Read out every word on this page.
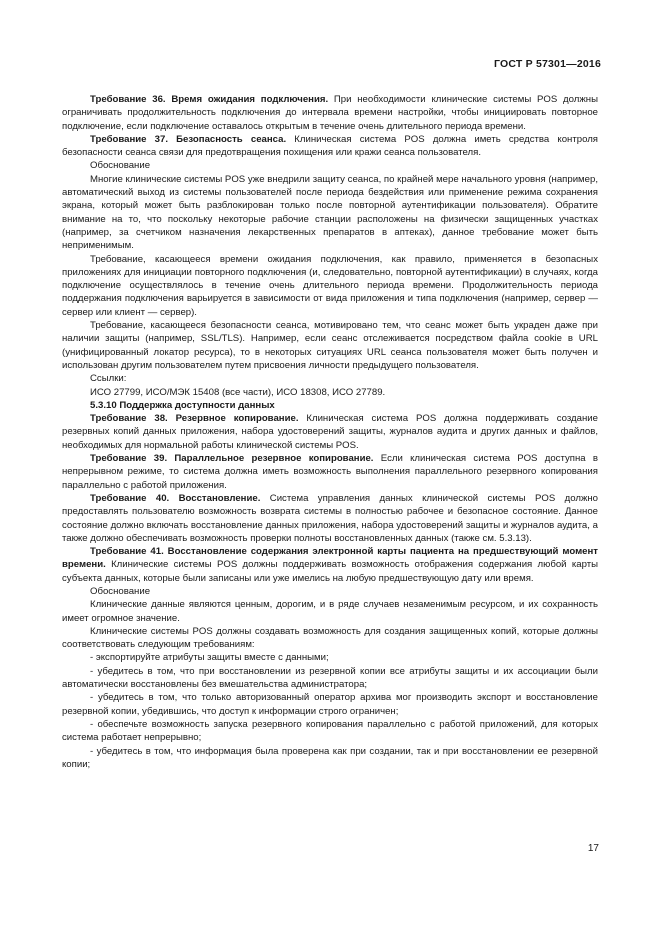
ГОСТ Р 57301—2016

Требование 36. Время ожидания подключения. При необходимости клинические системы POS должны ограничивать продолжительность подключения до интервала времени настройки, чтобы инициировать повторное подключение, если подключение оставалось открытым в течение очень длительного периода времени.

Требование 37. Безопасность сеанса. Клиническая система POS должна иметь средства контроля безопасности сеанса связи для предотвращения похищения или кражи сеанса пользователя.

Обоснование

Многие клинические системы POS уже внедрили защиту сеанса, по крайней мере начального уровня (например, автоматический выход из системы пользователей после периода бездействия или применение режима сохранения экрана, который может быть разблокирован только после повторной аутентификации пользователя). Обратите внимание на то, что поскольку некоторые рабочие станции расположены на физически защищенных участках (например, за счетчиком назначения лекарственных препаратов в аптеках), данное требование может быть неприменимым.

Требование, касающееся времени ожидания подключения, как правило, применяется в безопасных приложениях для инициации повторного подключения (и, следовательно, повторной аутентификации) в случаях, когда подключение осуществлялось в течение очень длительного периода времени. Продолжительность периода поддержания подключения варьируется в зависимости от вида приложения и типа подключения (например, сервер — сервер или клиент — сервер).

Требование, касающееся безопасности сеанса, мотивировано тем, что сеанс может быть украден даже при наличии защиты (например, SSL/TLS). Например, если сеанс отслеживается посредством файла cookie в URL (унифицированный локатор ресурса), то в некоторых ситуациях URL сеанса пользователя может быть получен и использован другим пользователем путем присвоения личности предыдущего пользователя.

Ссылки:

ИСО 27799, ИСО/МЭК 15408 (все части), ИСО 18308, ИСО 27789.

5.3.10 Поддержка доступности данных

Требование 38. Резервное копирование. Клиническая система POS должна поддерживать создание резервных копий данных приложения, набора удостоверений защиты, журналов аудита и других данных и файлов, необходимых для нормальной работы клинической системы POS.

Требование 39. Параллельное резервное копирование. Если клиническая система POS доступна в непрерывном режиме, то система должна иметь возможность выполнения параллельного резервного копирования параллельно с работой приложения.

Требование 40. Восстановление. Система управления данных клинической системы POS должно предоставлять пользователю возможность возврата системы в полностью рабочее и безопасное состояние. Данное состояние должно включать восстановление данных приложения, набора удостоверений защиты и журналов аудита, а также должно обеспечивать возможность проверки полноты восстановленных данных (также см. 5.3.13).

Требование 41. Восстановление содержания электронной карты пациента на предшествующий момент времени. Клинические системы POS должны поддерживать возможность отображения содержания любой карты субъекта данных, которые были записаны или уже имелись на любую предшествующую дату или время.

Обоснование

Клинические данные являются ценным, дорогим, и в ряде случаев незаменимым ресурсом, и их сохранность имеет огромное значение.

Клинические системы POS должны создавать возможность для создания защищенных копий, которые должны соответствовать следующим требованиям:

- экспортируйте атрибуты защиты вместе с данными;

- убедитесь в том, что при восстановлении из резервной копии все атрибуты защиты и их ассоциации были автоматически восстановлены без вмешательства администратора;

- убедитесь в том, что только авторизованный оператор архива мог производить экспорт и восстановление резервной копии, убедившись, что доступ к информации строго ограничен;

- обеспечьте возможность запуска резервного копирования параллельно с работой приложений, для которых система работает непрерывно;

- убедитесь в том, что информация была проверена как при создании, так и при восстановлении ее резервной копии;

17
